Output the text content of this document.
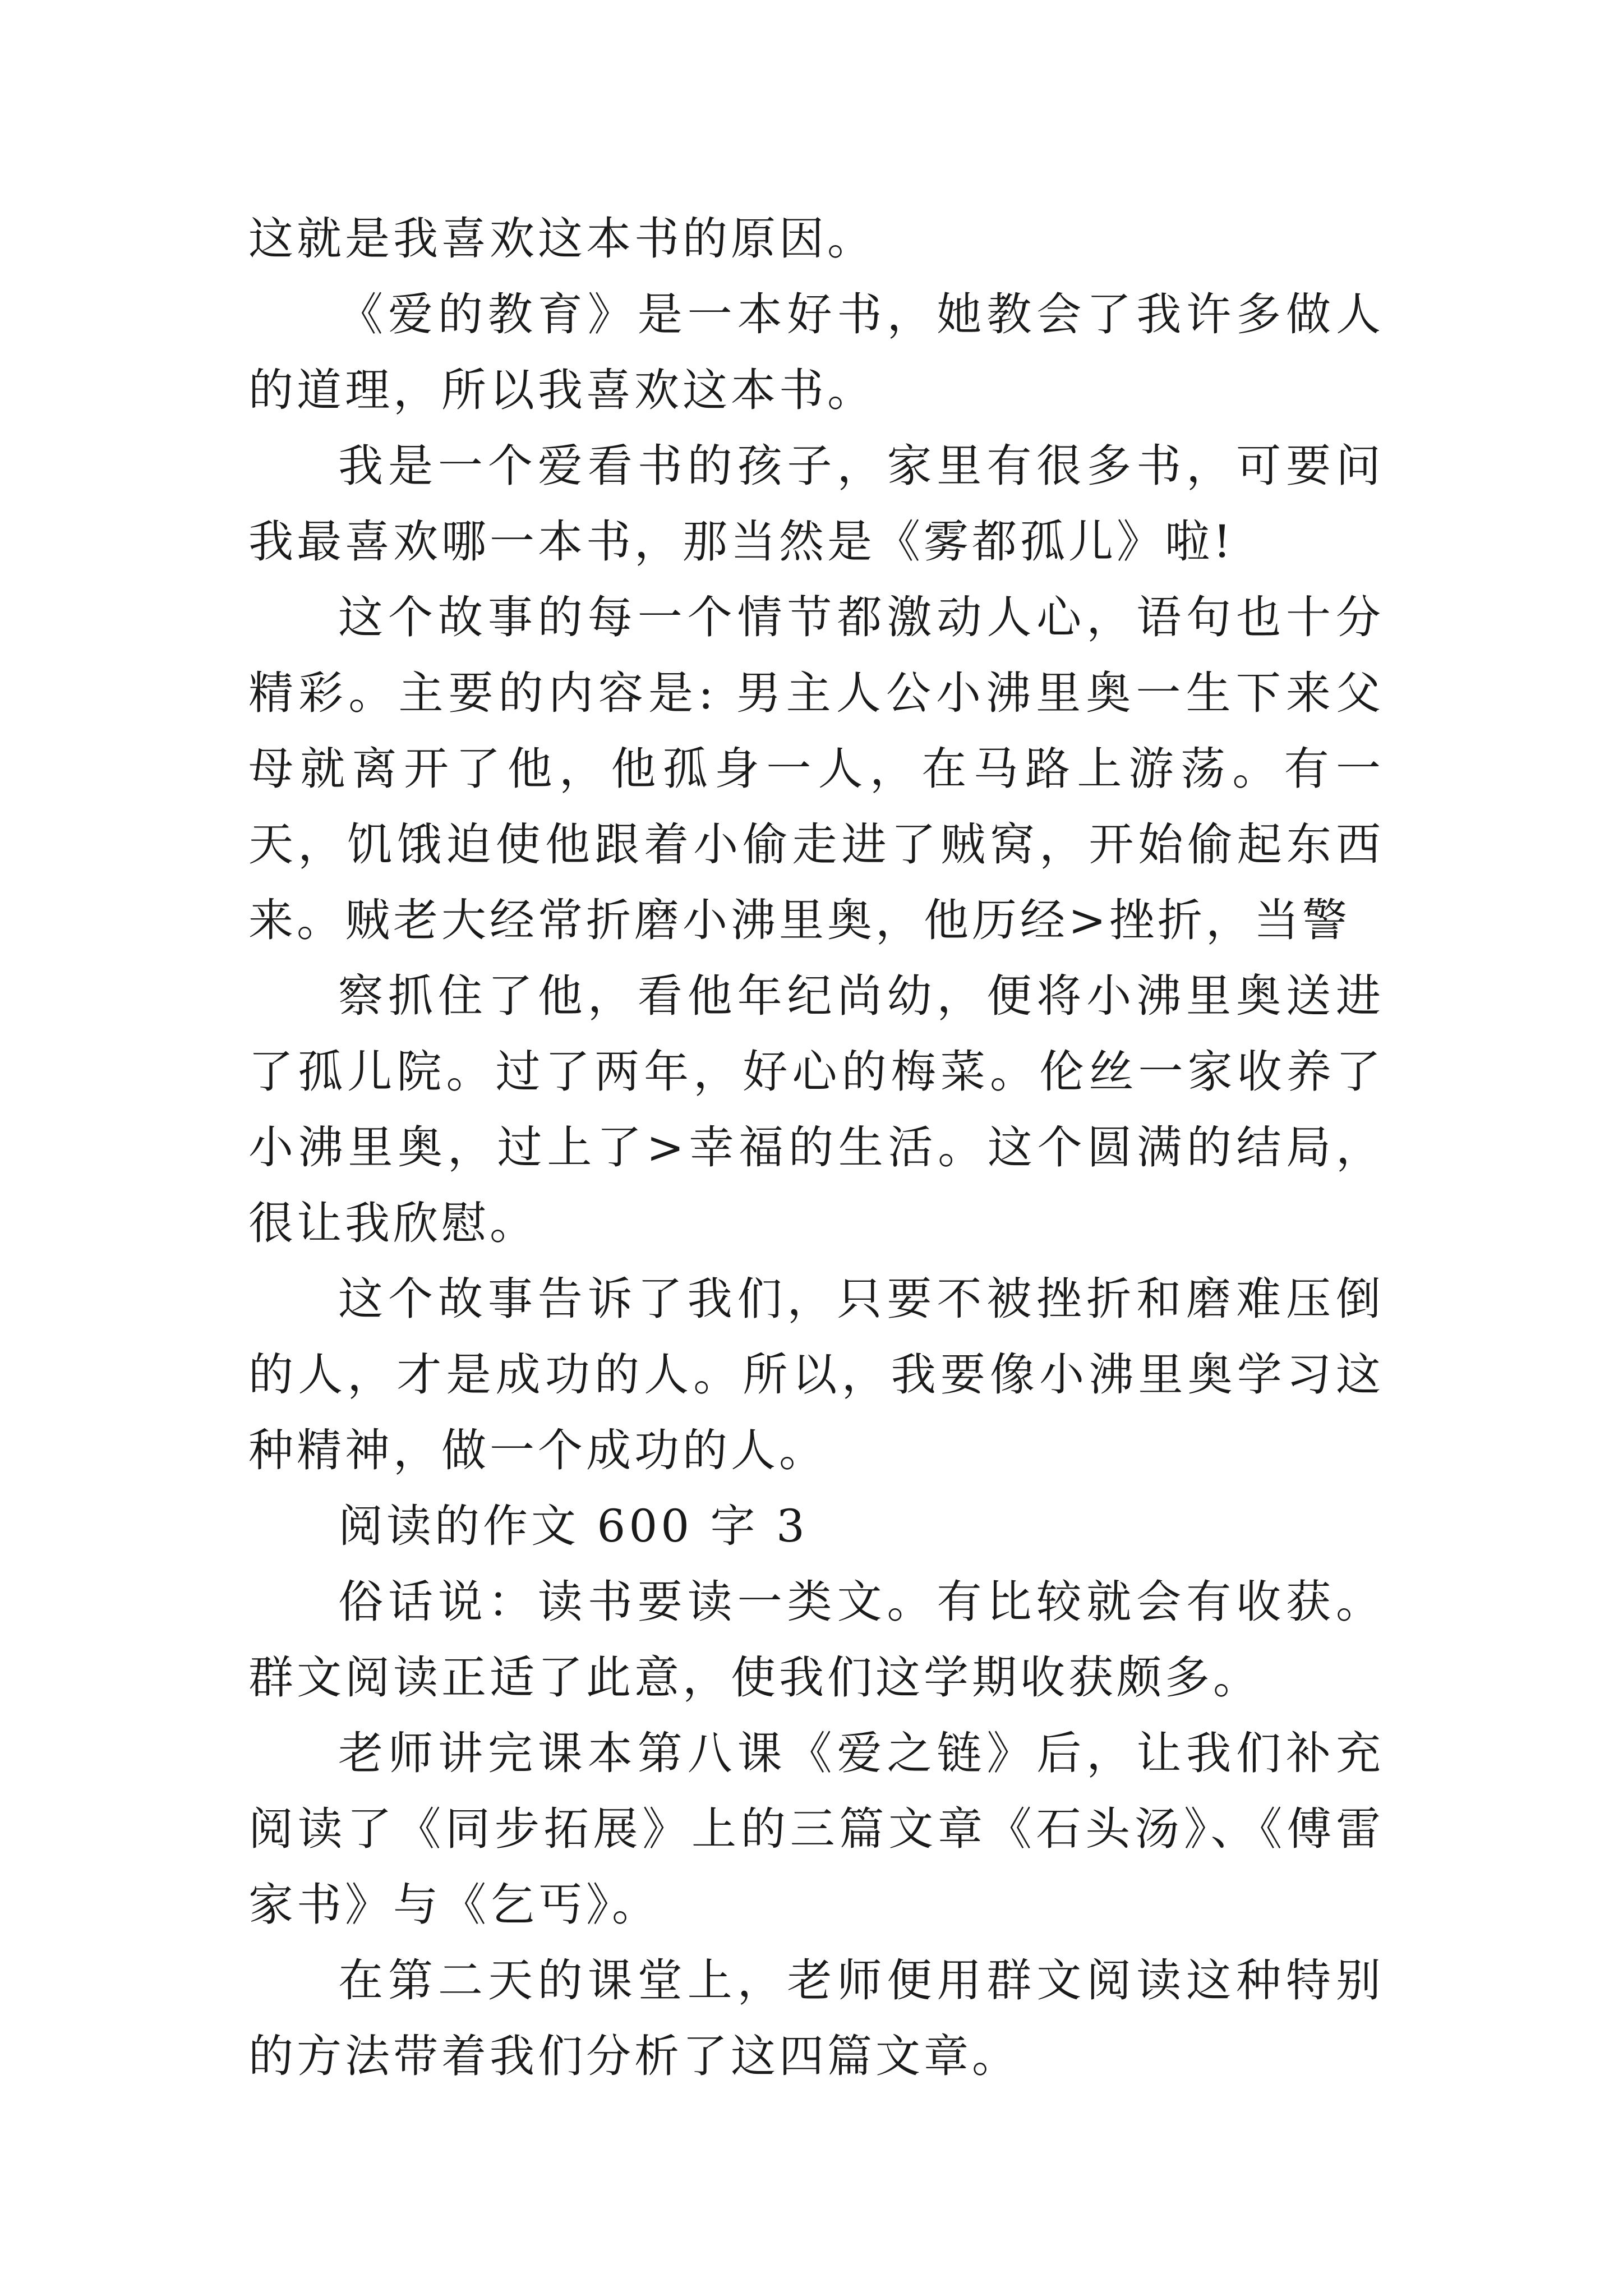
这就是我喜欢这本书的原因。

《爱的教育》是一本好书，她教会了我许多做人的道理，所以我喜欢这本书。

我是一个爱看书的孩子，家里有很多书，可要问我最喜欢哪一本书，那当然是《雾都孤儿》啦!

这个故事的每一个情节都激动人心，语句也十分精彩。主要的内容是: 男主人公小沸里奥一生下来父母就离开了他，他孤身一人，在马路上游荡。有一天，饥饿迫使他跟着小偷走进了贼窝，开始偷起东西来。贼老大经常折磨小沸里奥，他历经>挫折，当警

察抓住了他，看他年纪尚幼，便将小沸里奥送进了孤儿院。过了两年，好心的梅菜。伦丝一家收养了小沸里奥，过上了>幸福的生活。这个圆满的结局，很让我欣慰。

这个故事告诉了我们，只要不被挫折和磨难压倒的人，才是成功的人。所以，我要像小沸里奥学习这种精神，做一个成功的人。

阅读的作文 600 字 3

俗话说：读书要读一类文。有比较就会有收获。群文阅读正适了此意，使我们这学期收获颇多。

老师讲完课本第八课《爱之链》后，让我们补充阅读了《同步拓展》上的三篇文章《石头汤》、《傅雷家书》与《乞丐》。

在第二天的课堂上，老师便用群文阅读这种特别的方法带着我们分析了这四篇文章。
